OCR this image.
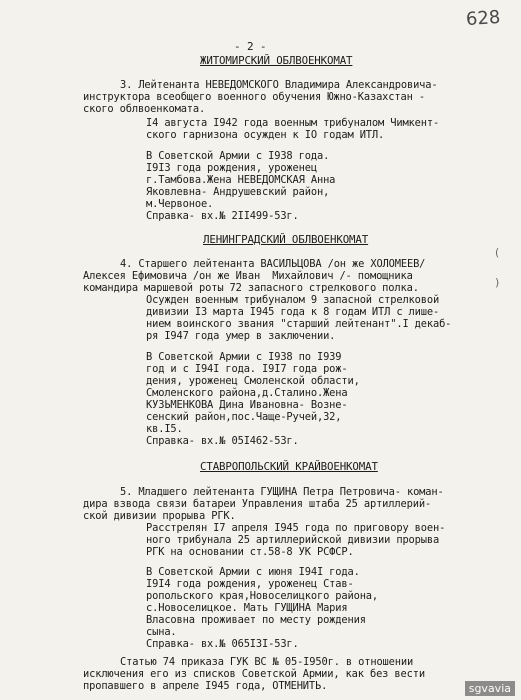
628
- 2 -
ЖИТОМИРСКИЙ ОБЛВОЕНКОМАТ
3. Лейтенанта НЕВЕДОМСКОГО Владимира Александровича-
инструктора всеобщего военного обучения Южно-Казахстан -
ского облвоенкомата.
I4 августа I942 года военным трибуналом Чимкент-
ского гарнизона осужден к IO годам ИТЛ.
В Советской Армии с I938 года.
I9I3 года рождения, уроженец
г.Тамбова.Жена НЕВЕДОМСКАЯ Анна
Яковлевна- Андрушевский район,
м.Червоное.
Справка- вх.№ 2II499-53г.
ЛЕНИНГРАДСКИЙ ОБЛВОЕНКОМАТ
4. Старшего лейтенанта ВАСИЛЬЦОВА /он же ХОЛОМЕЕВ/
Алексея Ефимовича /он же Иван  Михайлович /- помощника
командира маршевой роты 72 запасного стрелкового полка.
Осужден военным трибуналом 9 запасной стрелковой
дивизии I3 марта I945 года к 8 годам ИТЛ с лише-
нием воинского звания "старший лейтенант".I декаб-
ря I947 года умер в заключении.
В Советской Армии с I938 по I939
год и с I94I года. I9I7 года рож-
дения, уроженец Смоленской области,
Смоленского района,д.Сталино.Жена
КУЗЬМЕНКОВА Дина Ивановна- Возне-
сенский район,пос.Чаще-Ручей,32,
кв.I5.
Справка- вх.№ 05I462-53г.
СТАВРОПОЛЬСКИЙ КРАЙВОЕНКОМАТ
5. Младшего лейтенанта ГУЩИНА Петра Петровича- коман-
дира взвода связи батареи Управления штаба 25 артиллерий-
ской дивизии прорыва РГК.
Расстрелян I7 апреля I945 года по приговору воен-
ного трибунала 25 артиллерийской дивизии прорыва
РГК на основании ст.58-8 УК РСФСР.
В Советской Армии с июня I94I года.
I9I4 года рождения, уроженец Став-
ропольского края,Новоселицкого района,
с.Новоселицкое. Мать ГУЩИНА Мария
Власовна проживает по месту рождения
сына.
Справка- вх.№ 065I3I-53г.
Статью 74 приказа ГУК ВС № 05-I950г. в отношении
исключения его из списков Советской Армии, как без вести
пропавшего в апреле I945 года, ОТМЕНИТЬ.
(
)
sgvavia
